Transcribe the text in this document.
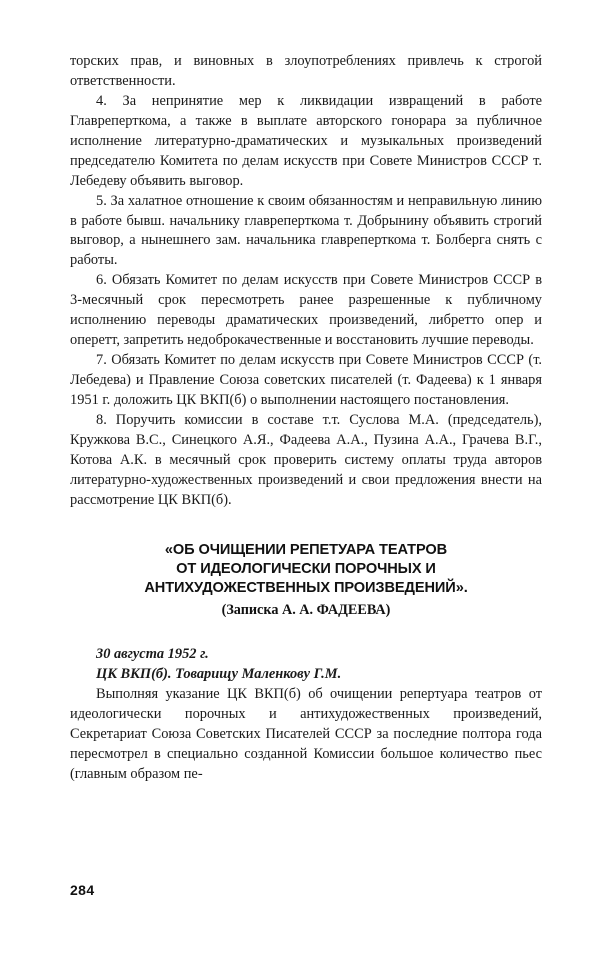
торских прав, и виновных в злоупотреблениях привлечь к строгой ответственности.

4. За непринятие мер к ликвидации извращений в работе Главреперткома, а также в выплате авторского гонорара за публичное исполнение литературно-драматических и музыкальных произведений председателю Комитета по делам искусств при Совете Министров СССР т. Лебедеву объявить выговор.

5. За халатное отношение к своим обязанностям и неправильную линию в работе бывш. начальнику главреперткома т. Добрынину объявить строгий выговор, а нынешнего зам. начальника главреперткома т. Болберга снять с работы.

6. Обязать Комитет по делам искусств при Совете Министров СССР в 3-месячный срок пересмотреть ранее разрешенные к публичному исполнению переводы драматических произведений, либретто опер и оперетт, запретить недоброкачественные и восстановить лучшие переводы.

7. Обязать Комитет по делам искусств при Совете Министров СССР (т. Лебедева) и Правление Союза советских писателей (т. Фадеева) к 1 января 1951 г. доложить ЦК ВКП(б) о выполнении настоящего постановления.

8. Поручить комиссии в составе т.т. Суслова М.А. (председатель), Кружкова В.С., Синецкого А.Я., Фадеева А.А., Пузина А.А., Грачева В.Г., Котова А.К. в месячный срок проверить систему оплаты труда авторов литературно-художественных произведений и свои предложения внести на рассмотрение ЦК ВКП(б).

«ОБ ОЧИЩЕНИИ РЕПЕТУАРА ТЕАТРОВ
ОТ ИДЕОЛОГИЧЕСКИ ПОРОЧНЫХ И
АНТИХУДОЖЕСТВЕННЫХ ПРОИЗВЕДЕНИЙ».
(Записка А. А. ФАДЕЕВА)

30 августа 1952 г.

ЦК ВКП(б). Товарищу Маленкову Г.М.

Выполняя указание ЦК ВКП(б) об очищении репертуара театров от идеологически порочных и антихудожественных произведений, Секретариат Союза Советских Писателей СССР за последние полтора года пересмотрел в специально созданной Комиссии большое количество пьес (главным образом пе-

284
